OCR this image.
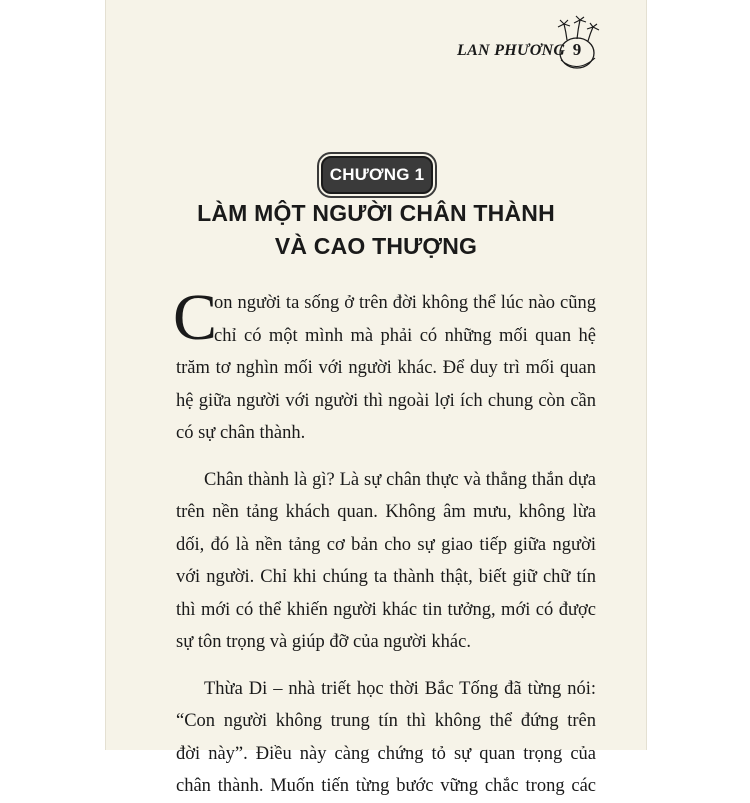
LAN PHƯƠNG 9
CHƯƠNG 1
LÀM MỘT NGƯỜI CHÂN THÀNH
VÀ CAO THƯỢNG
C
on người ta sống ở trên đời không thể lúc nào cũng
chỉ có một mình mà phải có những mối quan hệ
trăm tơ nghìn mối với người khác. Để duy trì mối quan
hệ giữa người với người thì ngoài lợi ích chung còn cần
có sự chân thành.
Chân thành là gì? Là sự chân thực và thẳng thắn dựa
trên nền tảng khách quan. Không âm mưu, không lừa
dối, đó là nền tảng cơ bản cho sự giao tiếp giữa người
với người. Chỉ khi chúng ta thành thật, biết giữ chữ tín
thì mới có thể khiến người khác tin tưởng, mới có được
sự tôn trọng và giúp đỡ của người khác.
Thừa Di – nhà triết học thời Bắc Tống đã từng nói:
“Con người không trung tín thì không thể đứng trên
đời này”. Điều này càng chứng tỏ sự quan trọng của
chân thành. Muốn tiến từng bước vững chắc trong các
